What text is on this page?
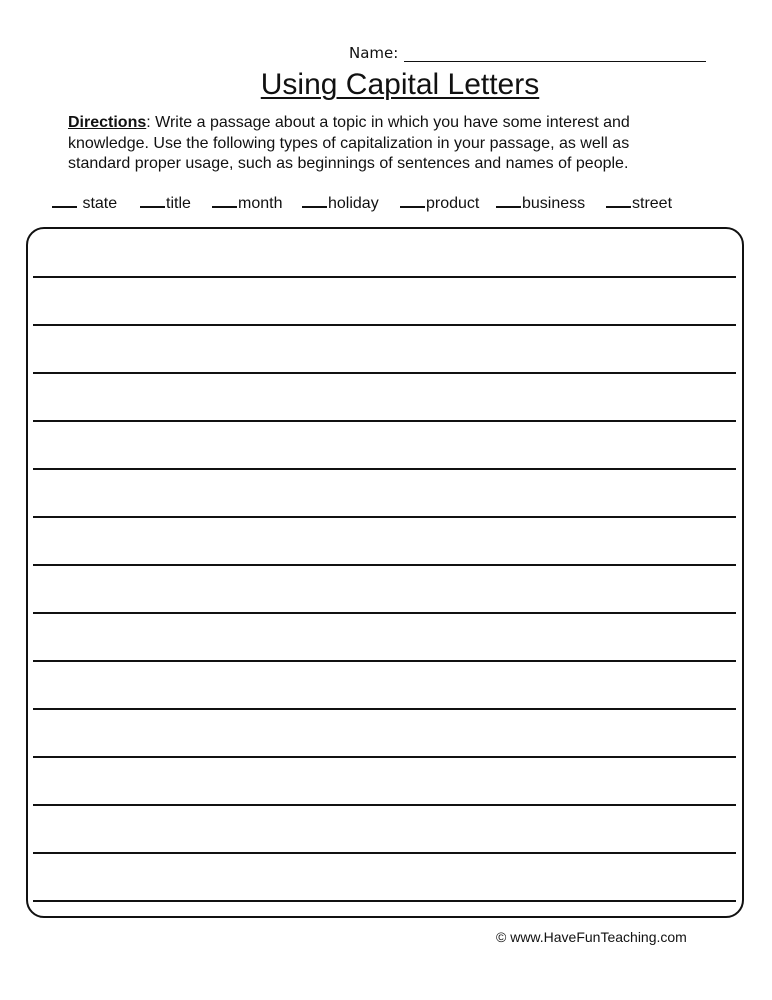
Name:
Using Capital Letters
Directions: Write a passage about a topic in which you have some interest and knowledge. Use the following types of capitalization in your passage, as well as standard proper usage, such as beginnings of sentences and names of people.
state	title	month	holiday	product	business	street
© www.HaveFunTeaching.com
